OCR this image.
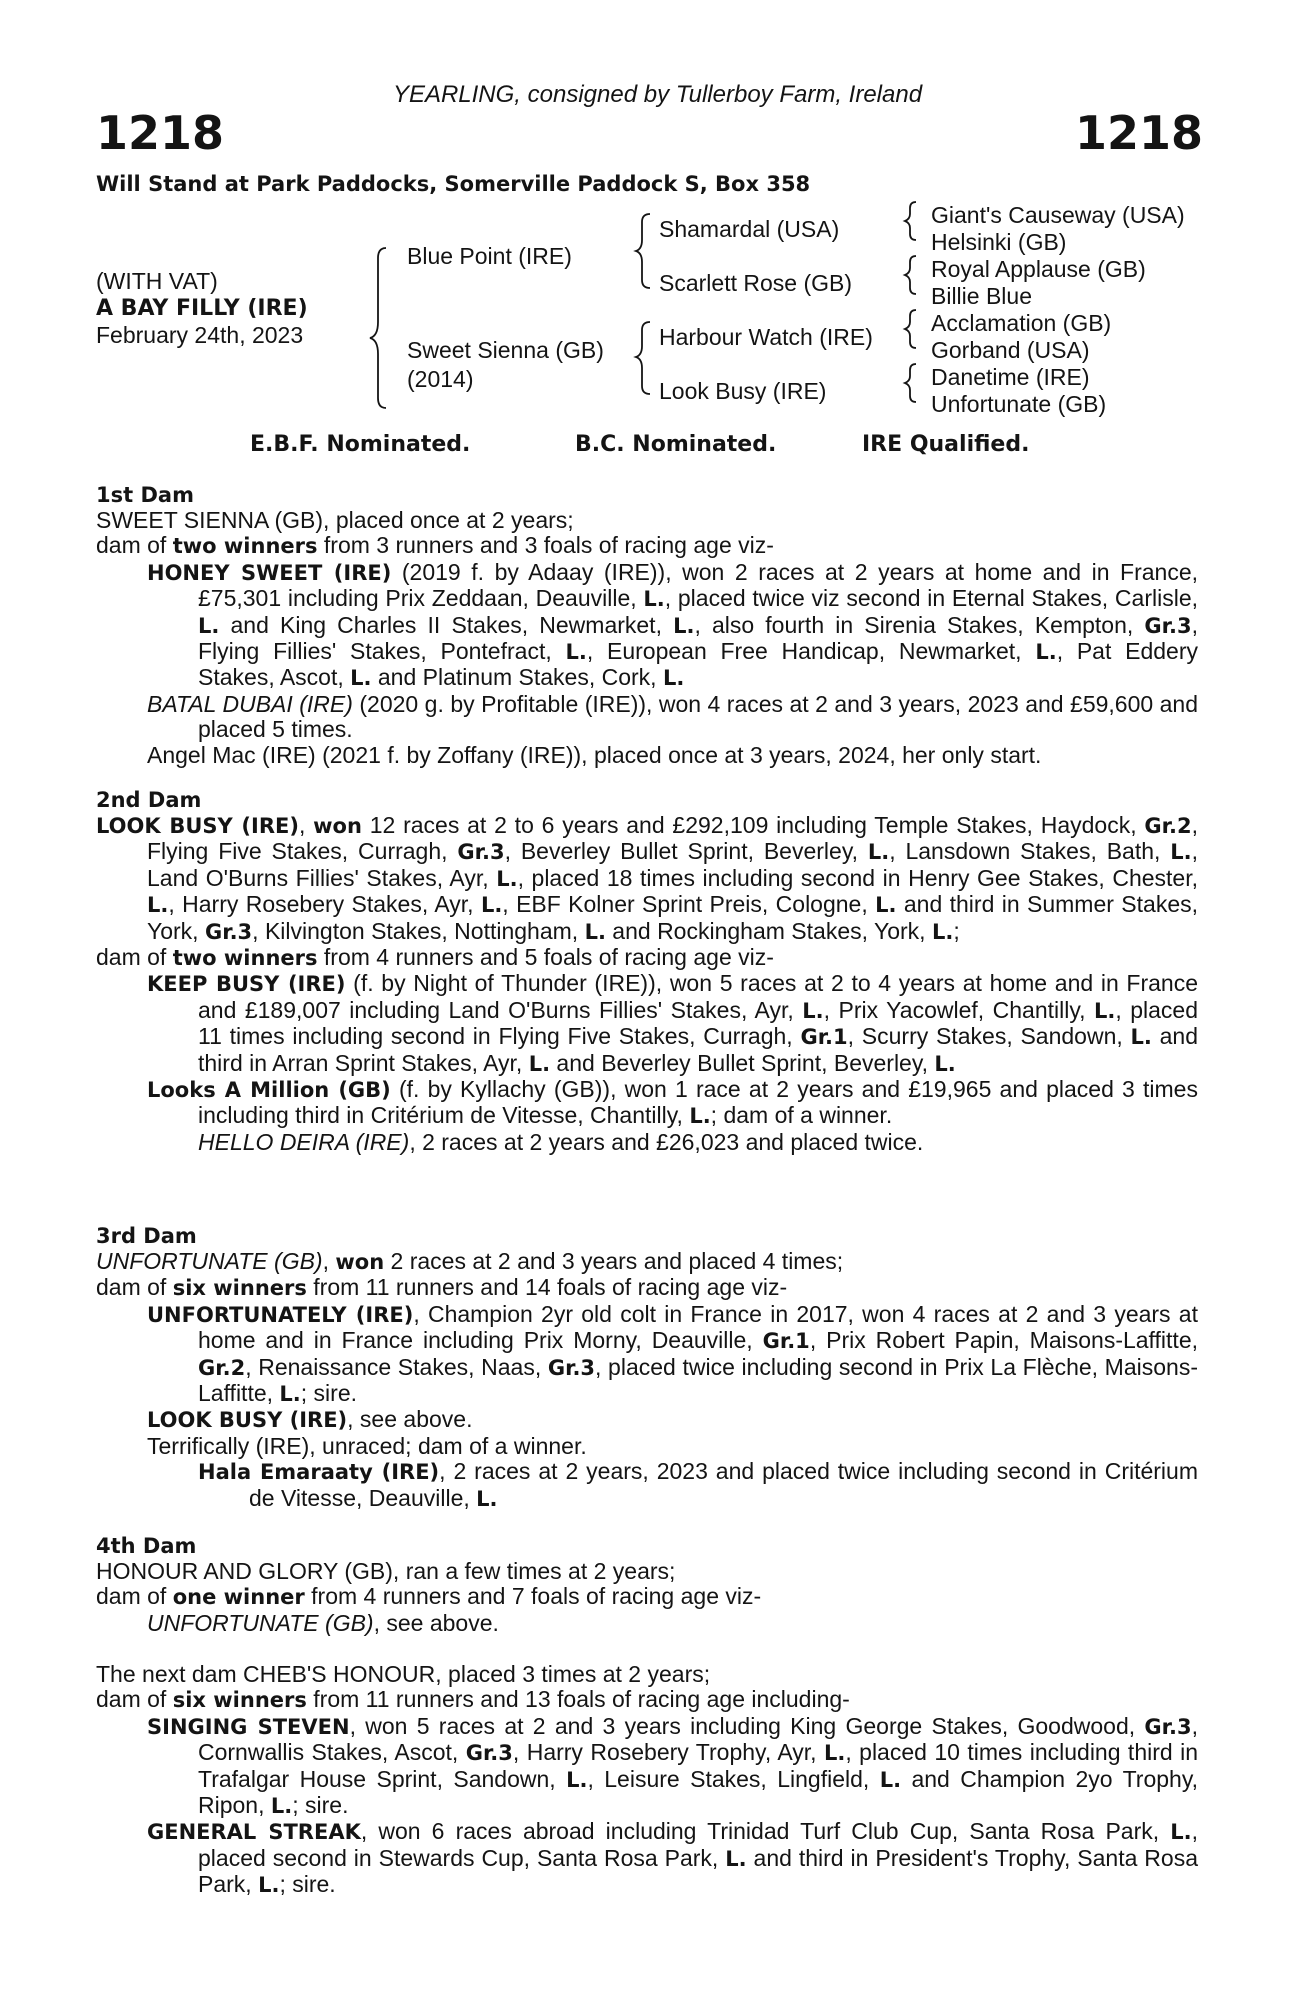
YEARLING, consigned by Tullerboy Farm, Ireland
1218	1218
Will Stand at Park Paddocks, Somerville Paddock S, Box 358
(WITH VAT)
A BAY FILLY (IRE)
February 24th, 2023
Blue Point (IRE)
Sweet Sienna (GB)
(2014)
Shamardal (USA)
Scarlett Rose (GB)
Harbour Watch (IRE)
Look Busy (IRE)
Giant's Causeway (USA)
Helsinki (GB)
Royal Applause (GB)
Billie Blue
Acclamation (GB)
Gorband (USA)
Danetime (IRE)
Unfortunate (GB)
E.B.F. Nominated.	B.C. Nominated.	IRE Qualified.

1st Dam

SWEET SIENNA (GB), placed once at 2 years;

dam of two winners from 3 runners and 3 foals of racing age viz-

HONEY SWEET (IRE) (2019 f. by Adaay (IRE)), won 2 races at 2 years at home and in France, £75,301 including Prix Zeddaan, Deauville, L., placed twice viz second in Eternal Stakes, Carlisle, L. and King Charles II Stakes, Newmarket, L., also fourth in Sirenia Stakes, Kempton, Gr.3, Flying Fillies' Stakes, Pontefract, L., European Free Handicap, Newmarket, L., Pat Eddery Stakes, Ascot, L. and Platinum Stakes, Cork, L.

BATAL DUBAI (IRE) (2020 g. by Profitable (IRE)), won 4 races at 2 and 3 years, 2023 and £59,600 and placed 5 times.

Angel Mac (IRE) (2021 f. by Zoffany (IRE)), placed once at 3 years, 2024, her only start.

2nd Dam

LOOK BUSY (IRE), won 12 races at 2 to 6 years and £292,109 including Temple Stakes, Haydock, Gr.2, Flying Five Stakes, Curragh, Gr.3, Beverley Bullet Sprint, Beverley, L., Lansdown Stakes, Bath, L., Land O'Burns Fillies' Stakes, Ayr, L., placed 18 times including second in Henry Gee Stakes, Chester, L., Harry Rosebery Stakes, Ayr, L., EBF Kolner Sprint Preis, Cologne, L. and third in Summer Stakes, York, Gr.3, Kilvington Stakes, Nottingham, L. and Rockingham Stakes, York, L.;

dam of two winners from 4 runners and 5 foals of racing age viz-

KEEP BUSY (IRE) (f. by Night of Thunder (IRE)), won 5 races at 2 to 4 years at home and in France and £189,007 including Land O'Burns Fillies' Stakes, Ayr, L., Prix Yacowlef, Chantilly, L., placed 11 times including second in Flying Five Stakes, Curragh, Gr.1, Scurry Stakes, Sandown, L. and third in Arran Sprint Stakes, Ayr, L. and Beverley Bullet Sprint, Beverley, L.

Looks A Million (GB) (f. by Kyllachy (GB)), won 1 race at 2 years and £19,965 and placed 3 times including third in Critérium de Vitesse, Chantilly, L.; dam of a winner.

HELLO DEIRA (IRE), 2 races at 2 years and £26,023 and placed twice.

3rd Dam

UNFORTUNATE (GB), won 2 races at 2 and 3 years and placed 4 times;

dam of six winners from 11 runners and 14 foals of racing age viz-

UNFORTUNATELY (IRE), Champion 2yr old colt in France in 2017, won 4 races at 2 and 3 years at home and in France including Prix Morny, Deauville, Gr.1, Prix Robert Papin, Maisons-Laffitte, Gr.2, Renaissance Stakes, Naas, Gr.3, placed twice including second in Prix La Flèche, Maisons-Laffitte, L.; sire.

LOOK BUSY (IRE), see above.

Terrifically (IRE), unraced; dam of a winner.

Hala Emaraaty (IRE), 2 races at 2 years, 2023 and placed twice including second in Critérium de Vitesse, Deauville, L.

4th Dam

HONOUR AND GLORY (GB), ran a few times at 2 years;

dam of one winner from 4 runners and 7 foals of racing age viz-

UNFORTUNATE (GB), see above.

The next dam CHEB'S HONOUR, placed 3 times at 2 years;

dam of six winners from 11 runners and 13 foals of racing age including-

SINGING STEVEN, won 5 races at 2 and 3 years including King George Stakes, Goodwood, Gr.3, Cornwallis Stakes, Ascot, Gr.3, Harry Rosebery Trophy, Ayr, L., placed 10 times including third in Trafalgar House Sprint, Sandown, L., Leisure Stakes, Lingfield, L. and Champion 2yo Trophy, Ripon, L.; sire.

GENERAL STREAK, won 6 races abroad including Trinidad Turf Club Cup, Santa Rosa Park, L., placed second in Stewards Cup, Santa Rosa Park, L. and third in President's Trophy, Santa Rosa Park, L.; sire.
